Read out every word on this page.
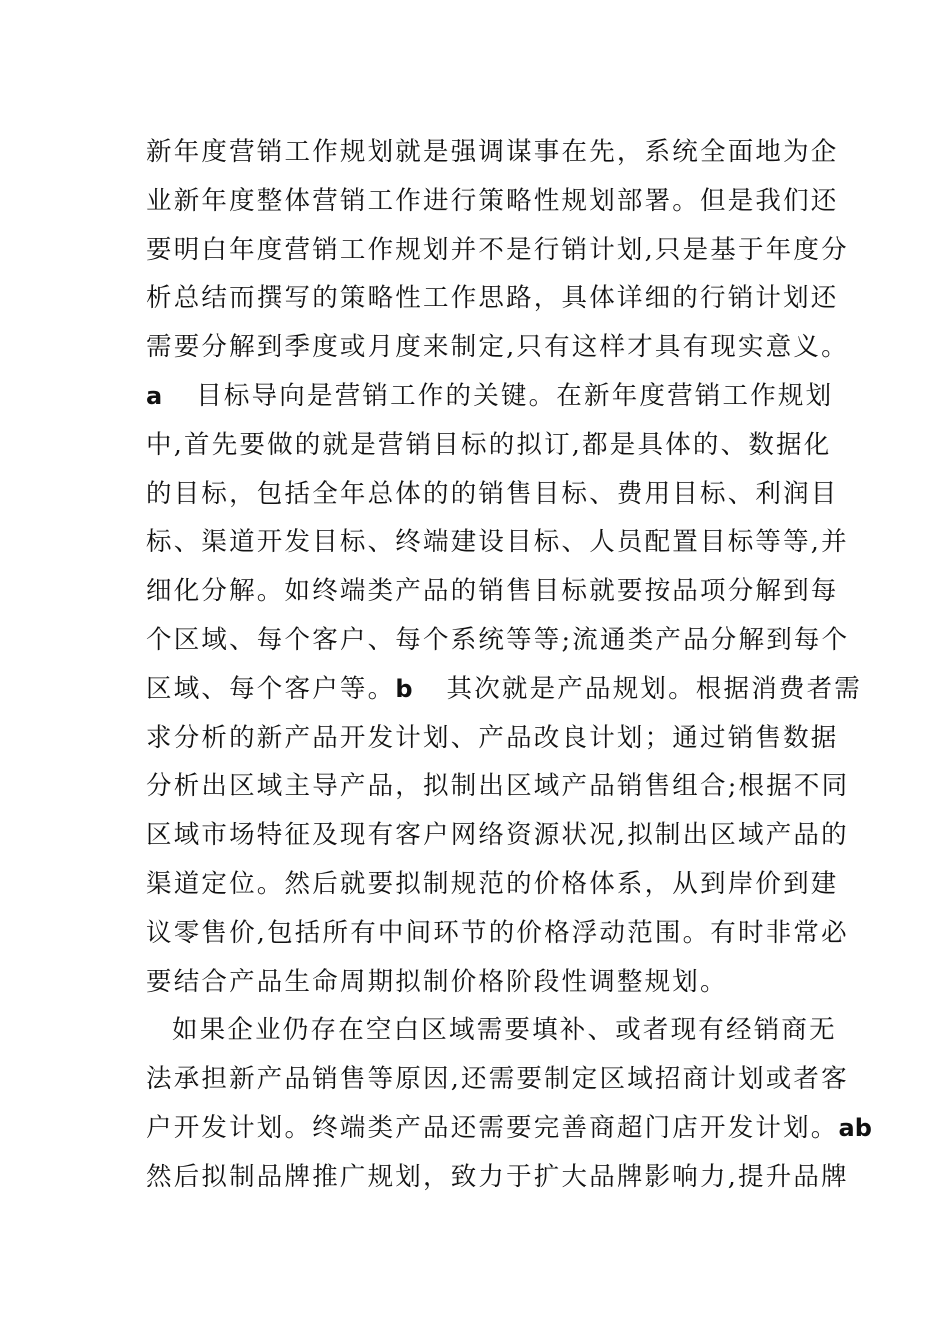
新年度营销工作规划就是强调谋事在先，系统全面地为企
业新年度整体营销工作进行策略性规划部署。但是我们还
要明白年度营销工作规划并不是行销计划,只是基于年度分
析总结而撰写的策略性工作思路，具体详细的行销计划还
需要分解到季度或月度来制定,只有这样才具有现实意义。
a 目标导向是营销工作的关键。在新年度营销工作规划
中,首先要做的就是营销目标的拟订,都是具体的、数据化
的目标，包括全年总体的的销售目标、费用目标、利润目
标、渠道开发目标、终端建设目标、人员配置目标等等,并
细化分解。如终端类产品的销售目标就要按品项分解到每
个区域、每个客户、每个系统等等;流通类产品分解到每个
区域、每个客户等。b 其次就是产品规划。根据消费者需
求分析的新产品开发计划、产品改良计划；通过销售数据
分析出区域主导产品，拟制出区域产品销售组合;根据不同
区域市场特征及现有客户网络资源状况,拟制出区域产品的
渠道定位。然后就要拟制规范的价格体系，从到岸价到建
议零售价,包括所有中间环节的价格浮动范围。有时非常必
要结合产品生命周期拟制价格阶段性调整规划。
如果企业仍存在空白区域需要填补、或者现有经销商无
法承担新产品销售等原因,还需要制定区域招商计划或者客
户开发计划。终端类产品还需要完善商超门店开发计划。ab
然后拟制品牌推广规划，致力于扩大品牌影响力,提升品牌
